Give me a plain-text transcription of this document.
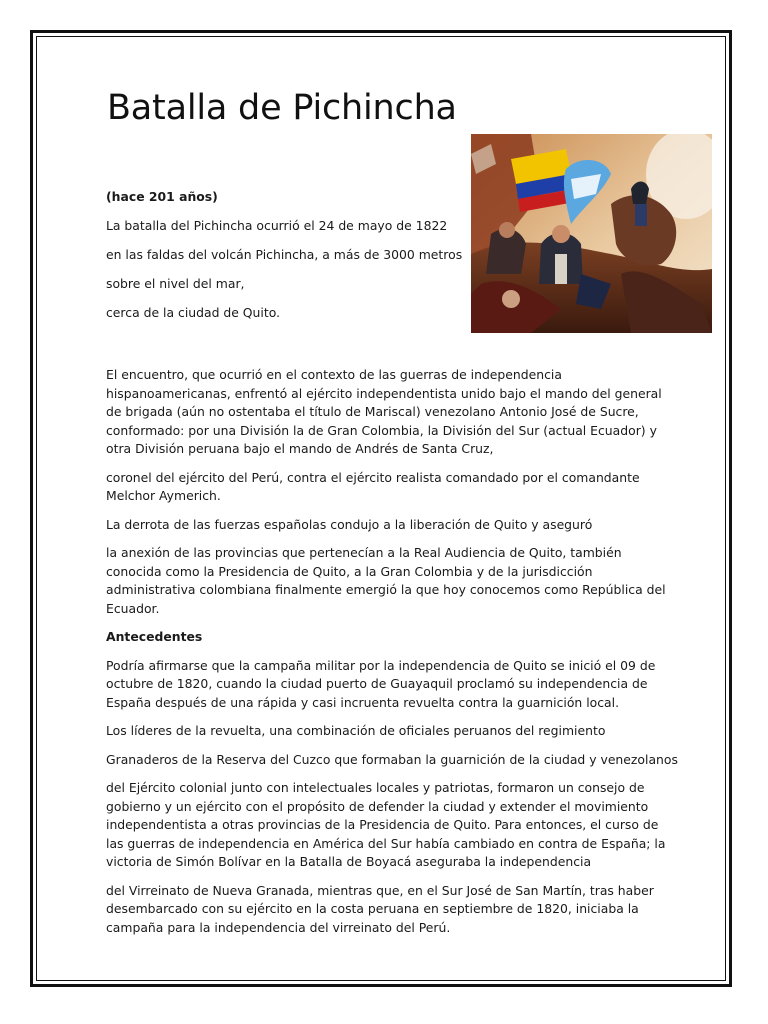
Batalla de Pichincha

(hace 201 años)

La batalla del Pichincha ocurrió el 24 de mayo de 1822

en las faldas del volcán Pichincha, a más de 3000 metros

sobre el nivel del mar,

cerca de la ciudad de Quito.

El encuentro, que ocurrió en el contexto de las guerras de independencia hispanoamericanas, enfrentó al ejército independentista unido bajo el mando del general de brigada (aún no ostentaba el título de Mariscal) venezolano Antonio José de Sucre, conformado: por una División la de Gran Colombia, la División del Sur (actual Ecuador) y otra División peruana bajo el mando de Andrés de Santa Cruz,

coronel del ejército del Perú, contra el ejército realista comandado por el comandante Melchor Aymerich.

La derrota de las fuerzas españolas condujo a la liberación de Quito y aseguró

la anexión de las provincias que pertenecían a la Real Audiencia de Quito, también conocida como la Presidencia de Quito, a la Gran Colombia y de la jurisdicción administrativa colombiana finalmente emergió la que hoy conocemos como República del Ecuador.

Antecedentes

Podría afirmarse que la campaña militar por la independencia de Quito se inició el 09 de octubre de 1820, cuando la ciudad puerto de Guayaquil proclamó su independencia de España después de una rápida y casi incruenta revuelta contra la guarnición local.

Los líderes de la revuelta, una combinación de oficiales peruanos del regimiento

Granaderos de la Reserva del Cuzco que formaban la guarnición de la ciudad y venezolanos

del Ejército colonial junto con intelectuales locales y patriotas, formaron un consejo de gobierno y un ejército con el propósito de defender la ciudad y extender el movimiento independentista a otras provincias de la Presidencia de Quito. Para entonces, el curso de las guerras de independencia en América del Sur había cambiado en contra de España; la victoria de Simón Bolívar en la Batalla de Boyacá aseguraba la independencia

del Virreinato de Nueva Granada, mientras que, en el Sur José de San Martín, tras haber desembarcado con su ejército en la costa peruana en septiembre de 1820, iniciaba la campaña para la independencia del virreinato del Perú.
